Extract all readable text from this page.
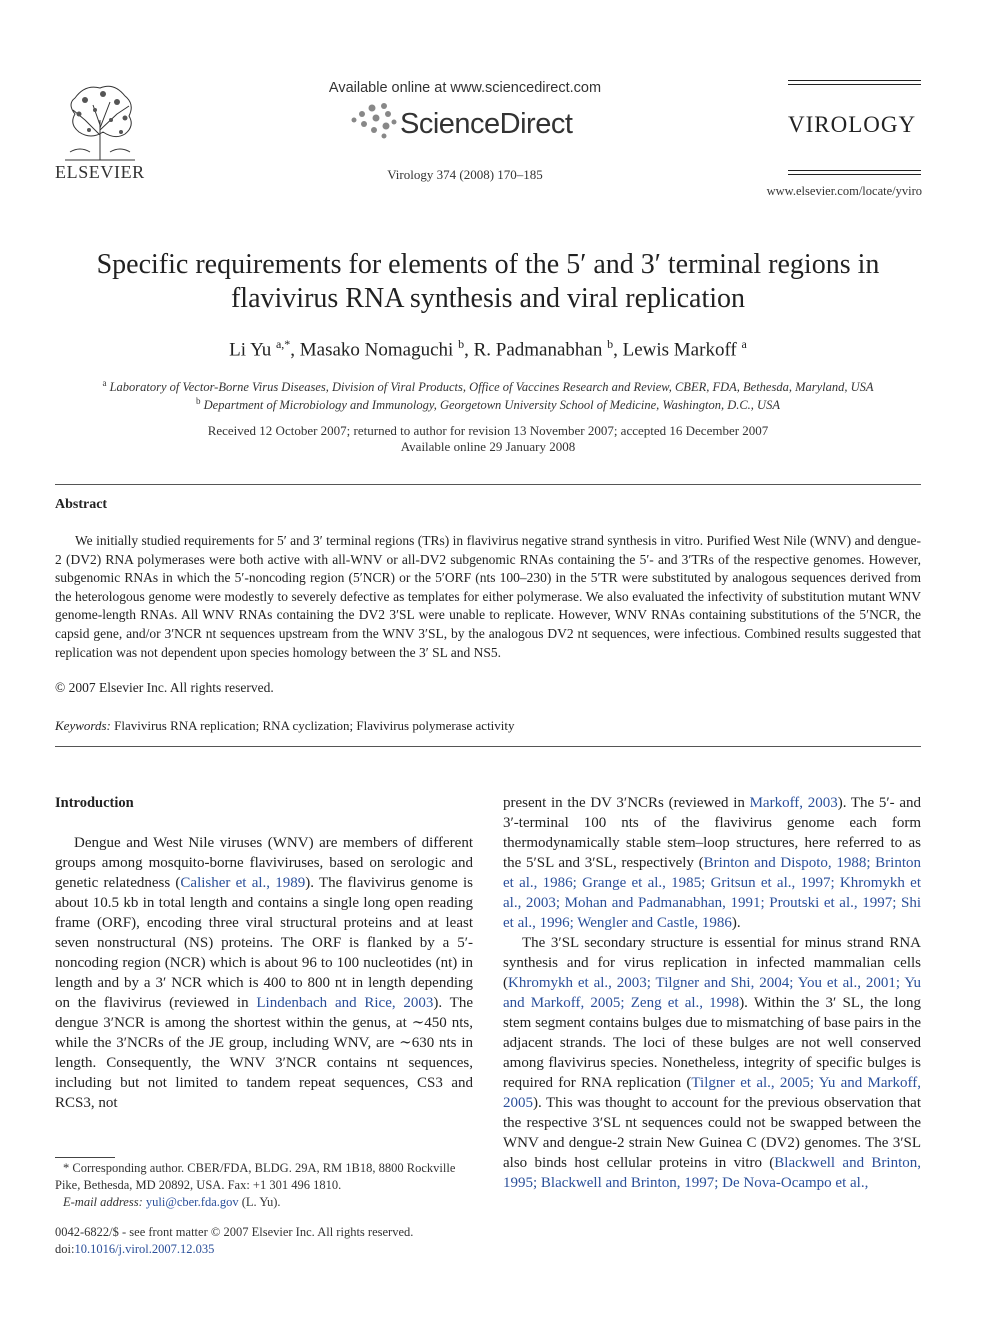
ELSEVIER
Available online at www.sciencedirect.com
ScienceDirect
Virology 374 (2008) 170–185
VIROLOGY
www.elsevier.com/locate/yviro
Specific requirements for elements of the 5′ and 3′ terminal regions in
flavivirus RNA synthesis and viral replication
Li Yu $^{a,*}$, Masako Nomaguchi $^b$, R. Padmanabhan $^b$, Lewis Markoff $^a$
$^a$ Laboratory of Vector-Borne Virus Diseases, Division of Viral Products, Office of Vaccines Research and Review, CBER, FDA, Bethesda, Maryland, USA
$^b$ Department of Microbiology and Immunology, Georgetown University School of Medicine, Washington, D.C., USA
Received 12 October 2007; returned to author for revision 13 November 2007; accepted 16 December 2007
Available online 29 January 2008
Abstract
We initially studied requirements for 5′ and 3′ terminal regions (TRs) in flavivirus negative strand synthesis in vitro. Purified West Nile (WNV) and dengue-2 (DV2) RNA polymerases were both active with all-WNV or all-DV2 subgenomic RNAs containing the 5′- and 3′TRs of the respective genomes. However, subgenomic RNAs in which the 5′-noncoding region (5′NCR) or the 5′ORF (nts 100–230) in the 5′TR were substituted by analogous sequences derived from the heterologous genome were modestly to severely defective as templates for either polymerase. We also evaluated the infectivity of substitution mutant WNV genome-length RNAs. All WNV RNAs containing the DV2 3′SL were unable to replicate. However, WNV RNAs containing substitutions of the 5′NCR, the capsid gene, and/or 3′NCR nt sequences upstream from the WNV 3′SL, by the analogous DV2 nt sequences, were infectious. Combined results suggested that replication was not dependent upon species homology between the 3′ SL and NS5.
© 2007 Elsevier Inc. All rights reserved.
Keywords: Flavivirus RNA replication; RNA cyclization; Flavivirus polymerase activity
Introduction

Dengue and West Nile viruses (WNV) are members of different groups among mosquito-borne flaviviruses, based on serologic and genetic relatedness (Calisher et al., 1989). The flavivirus genome is about 10.5 kb in total length and contains a single long open reading frame (ORF), encoding three viral structural proteins and at least seven nonstructural (NS) proteins. The ORF is flanked by a 5′-noncoding region (NCR) which is about 96 to 100 nucleotides (nt) in length and by a 3′ NCR which is 400 to 800 nt in length depending on the flavivirus (reviewed in Lindenbach and Rice, 2003). The dengue 3′NCR is among the shortest within the genus, at ∼450 nts, while the 3′NCRs of the JE group, including WNV, are ∼630 nts in length. Consequently, the WNV 3′NCR contains nt sequences, including but not limited to tandem repeat sequences, CS3 and RCS3, not

present in the DV 3′NCRs (reviewed in Markoff, 2003). The 5′- and 3′-terminal 100 nts of the flavivirus genome each form thermodynamically stable stem–loop structures, here referred to as the 5′SL and 3′SL, respectively (Brinton and Dispoto, 1988; Brinton et al., 1986; Grange et al., 1985; Gritsun et al., 1997; Khromykh et al., 2003; Mohan and Padmanabhan, 1991; Proutski et al., 1997; Shi et al., 1996; Wengler and Castle, 1986).

The 3′SL secondary structure is essential for minus strand RNA synthesis and for virus replication in infected mammalian cells (Khromykh et al., 2003; Tilgner and Shi, 2004; You et al., 2001; Yu and Markoff, 2005; Zeng et al., 1998). Within the 3′ SL, the long stem segment contains bulges due to mismatching of base pairs in the adjacent strands. The loci of these bulges are not well conserved among flavivirus species. Nonetheless, integrity of specific bulges is required for RNA replication (Tilgner et al., 2005; Yu and Markoff, 2005). This was thought to account for the previous observation that the respective 3′SL nt sequences could not be swapped between the WNV and dengue-2 strain New Guinea C (DV2) genomes. The 3′SL also binds host cellular proteins in vitro (Blackwell and Brinton, 1995; Blackwell and Brinton, 1997; De Nova-Ocampo et al.,

* Corresponding author. CBER/FDA, BLDG. 29A, RM 1B18, 8800 Rockville Pike, Bethesda, MD 20892, USA. Fax: +1 301 496 1810.
E-mail address: yuli@cber.fda.gov (L. Yu).
0042-6822/$ - see front matter © 2007 Elsevier Inc. All rights reserved.
doi:10.1016/j.virol.2007.12.035
